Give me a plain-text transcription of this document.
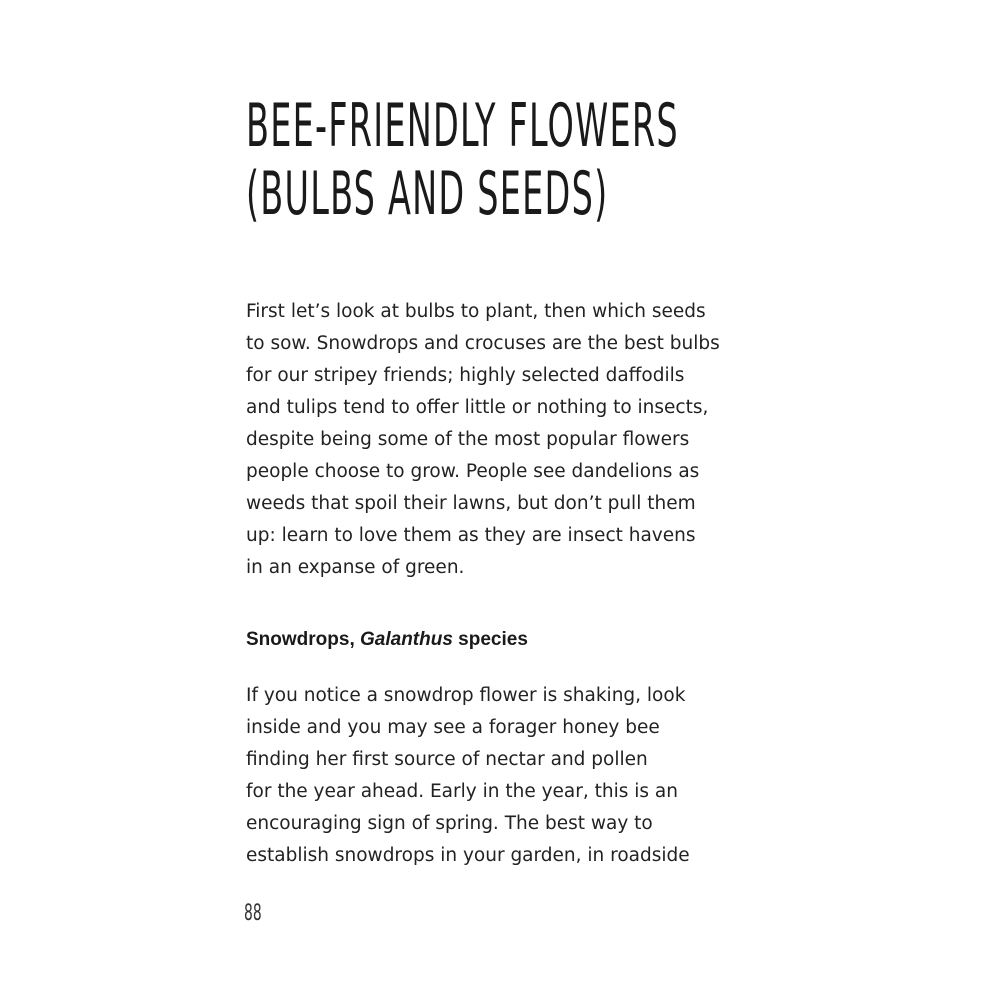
BEE-FRIENDLY FLOWERS
(BULBS AND SEEDS)

First let’s look at bulbs to plant, then which seeds
to sow. Snowdrops and crocuses are the best bulbs
for our stripey friends; highly selected daffodils
and tulips tend to offer little or nothing to insects,
despite being some of the most popular flowers
people choose to grow. People see dandelions as
weeds that spoil their lawns, but don’t pull them
up: learn to love them as they are insect havens
in an expanse of green.

Snowdrops, Galanthus species

If you notice a snowdrop flower is shaking, look
inside and you may see a forager honey bee
finding her first source of nectar and pollen
for the year ahead. Early in the year, this is an
encouraging sign of spring. The best way to
establish snowdrops in your garden, in roadside

88
